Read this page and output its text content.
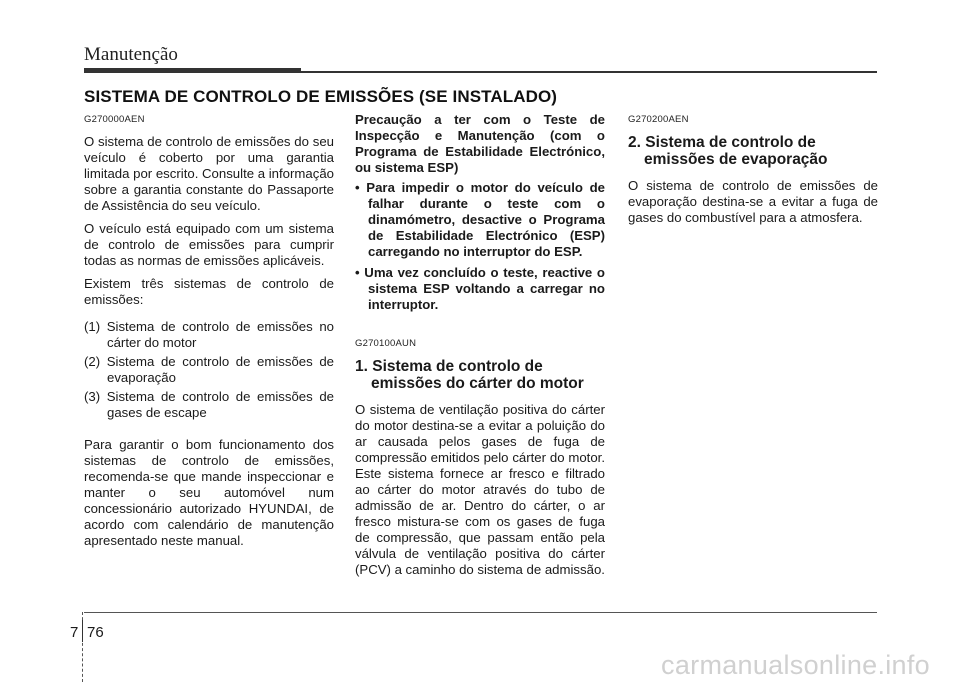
Manutenção
SISTEMA DE CONTROLO DE EMISSÕES (SE INSTALADO)
G270000AEN

O sistema de controlo de emissões do seu veículo é coberto por uma garantia limitada por escrito. Consulte a informação sobre a garantia constante do Passaporte de Assistência do seu veículo.

O veículo está equipado com um sistema de controlo de emissões para cumprir todas as normas de emissões aplicáveis.

Existem três sistemas de controlo de emissões:

(1) Sistema de controlo de emissões no cárter do motor
(2) Sistema de controlo de emissões de evaporação
(3) Sistema de controlo de emissões de gases de escape

Para garantir o bom funcionamento dos sistemas de controlo de emissões, recomenda-se que mande inspeccionar e manter o seu automóvel num concessionário autorizado HYUNDAI, de acordo com calendário de manutenção apresentado neste manual.

Precaução a ter com o Teste de Inspecção e Manutenção (com o Programa de Estabilidade Electrónico, ou sistema ESP)

• Para impedir o motor do veículo de falhar durante o teste com o dinamómetro, desactive o Programa de Estabilidade Electrónico (ESP) carregando no interruptor do ESP.
• Uma vez concluído o teste, reactive o sistema ESP voltando a carregar no interruptor.
G270100AUN
1. Sistema de controlo de emissões do cárter do motor

O sistema de ventilação positiva do cárter do motor destina-se a evitar a poluição do ar causada pelos gases de fuga de compressão emitidos pelo cárter do motor. Este sistema fornece ar fresco e filtrado ao cárter do motor através do tubo de admissão de ar. Dentro do cárter, o ar fresco mistura-se com os gases de fuga de compressão, que passam então pela válvula de ventilação positiva do cárter (PCV) a caminho do sistema de admissão.

G270200AEN
2. Sistema de controlo de emissões de evaporação

O sistema de controlo de emissões de evaporação destina-se a evitar a fuga de gases do combustível para a atmosfera.

7 76
carmanualsonline.info
